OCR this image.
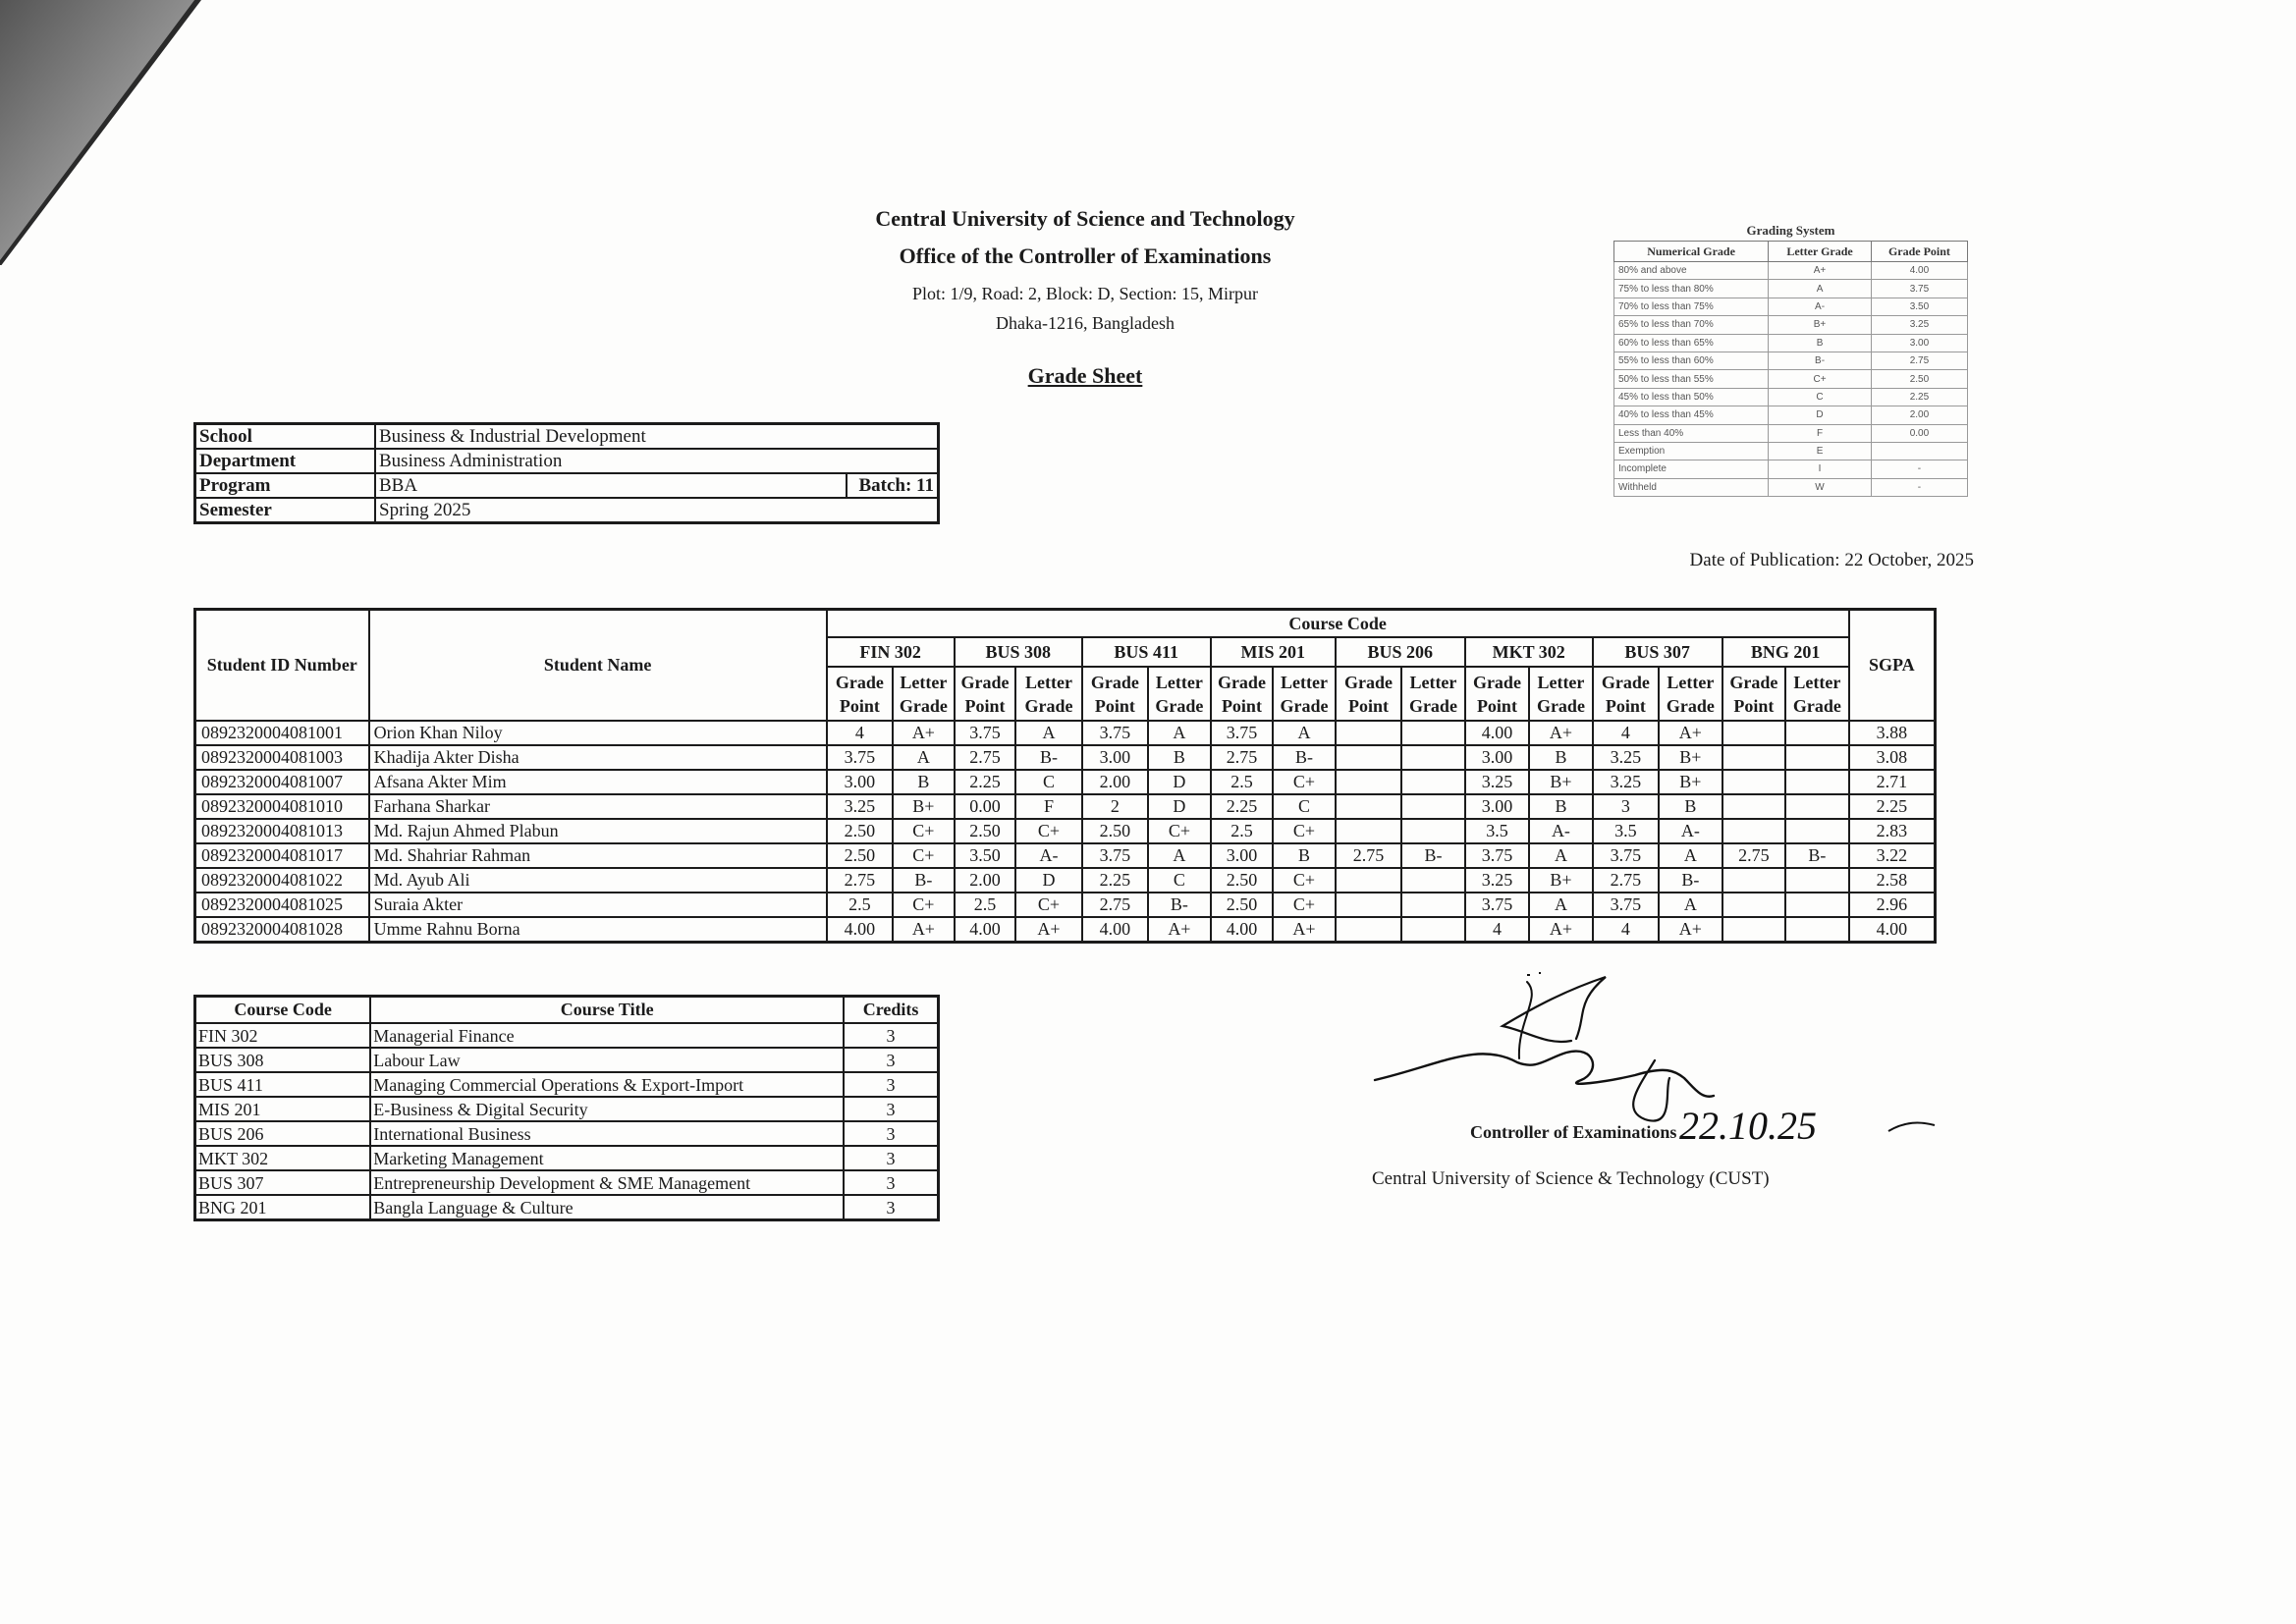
Central University of Science and Technology
Office of the Controller of Examinations
Plot: 1/9, Road: 2, Block: D, Section: 15, Mirpur
Dhaka-1216, Bangladesh
Grade Sheet
School	Business & Industrial Development	
Department	Business Administration	
Program	BBA	Batch: 11
Semester	Spring 2025	
Grading System
Numerical Grade	Letter Grade	Grade Point
80% and above	A+	4.00
75% to less than 80%	A	3.75
70% to less than 75%	A-	3.50
65% to less than 70%	B+	3.25
60% to less than 65%	B	3.00
55% to less than 60%	B-	2.75
50% to less than 55%	C+	2.50
45% to less than 50%	C	2.25
40% to less than 45%	D	2.00
Less than 40%	F	0.00
Exemption	E	
Incomplete	I	-
Withheld	W	-
Date of Publication: 22 October, 2025
Student ID Number	Student Name	Course Code																SGPA
		FIN 302		BUS 308		BUS 411		MIS 201		BUS 206		MKT 302		BUS 307		BNG 201		
		Grade Point	Letter Grade	Grade Point	Letter Grade	Grade Point	Letter Grade	Grade Point	Letter Grade	Grade Point	Letter Grade	Grade Point	Letter Grade	Grade Point	Letter Grade	Grade Point	Letter Grade	
0892320004081001	Orion Khan Niloy	4	A+	3.75	A	3.75	A	3.75	A			4.00	A+	4	A+			3.88
0892320004081003	Khadija Akter Disha	3.75	A	2.75	B-	3.00	B	2.75	B-			3.00	B	3.25	B+			3.08
0892320004081007	Afsana Akter Mim	3.00	B	2.25	C	2.00	D	2.5	C+			3.25	B+	3.25	B+			2.71
0892320004081010	Farhana Sharkar	3.25	B+	0.00	F	2	D	2.25	C			3.00	B	3	B			2.25
0892320004081013	Md. Rajun Ahmed Plabun	2.50	C+	2.50	C+	2.50	C+	2.5	C+			3.5	A-	3.5	A-			2.83
0892320004081017	Md. Shahriar Rahman	2.50	C+	3.50	A-	3.75	A	3.00	B	2.75	B-	3.75	A	3.75	A	2.75	B-	3.22
0892320004081022	Md. Ayub Ali	2.75	B-	2.00	D	2.25	C	2.50	C+			3.25	B+	2.75	B-			2.58
0892320004081025	Suraia Akter	2.5	C+	2.5	C+	2.75	B-	2.50	C+			3.75	A	3.75	A			2.96
0892320004081028	Umme Rahnu Borna	4.00	A+	4.00	A+	4.00	A+	4.00	A+			4	A+	4	A+			4.00
Course Code	Course Title	Credits
FIN 302	Managerial Finance	3
BUS 308	Labour Law	3
BUS 411	Managing Commercial Operations & Export-Import	3
MIS 201	E-Business & Digital Security	3
BUS 206	International Business	3
MKT 302	Marketing Management	3
BUS 307	Entrepreneurship Development & SME Management	3
BNG 201	Bangla Language & Culture	3
22.10.25
Controller of Examinations
Central University of Science & Technology (CUST)
